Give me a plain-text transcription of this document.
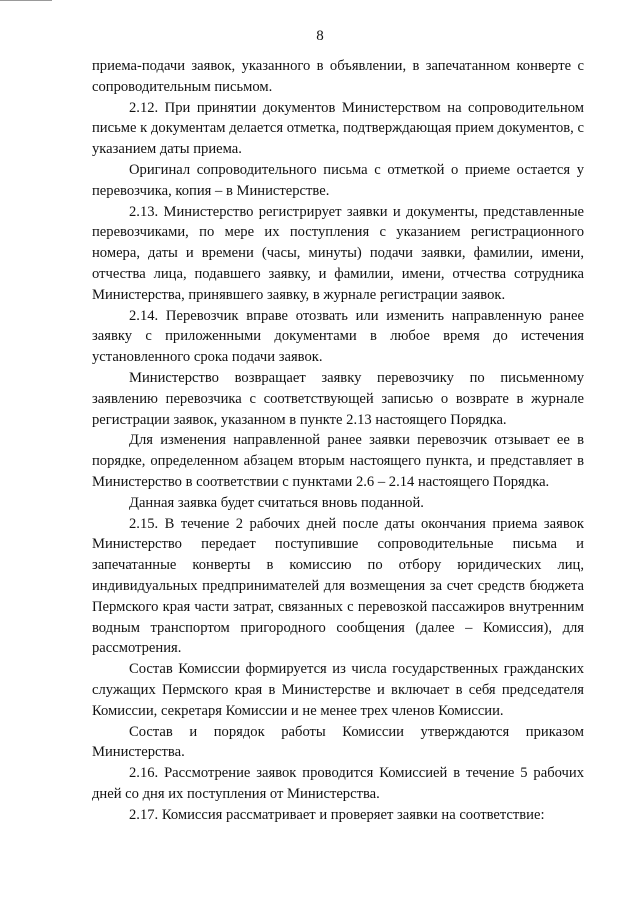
8

приема-подачи заявок, указанного в объявлении, в запечатанном конверте с сопроводительным письмом.

2.12. При принятии документов Министерством на сопроводительном письме к документам делается отметка, подтверждающая прием документов, с указанием даты приема.

Оригинал сопроводительного письма с отметкой о приеме остается у перевозчика, копия – в Министерстве.

2.13. Министерство регистрирует заявки и документы, представленные перевозчиками, по мере их поступления с указанием регистрационного номера, даты и времени (часы, минуты) подачи заявки, фамилии, имени, отчества лица, подавшего заявку, и фамилии, имени, отчества сотрудника Министерства, принявшего заявку, в журнале регистрации заявок.

2.14. Перевозчик вправе отозвать или изменить направленную ранее заявку с приложенными документами в любое время до истечения установленного срока подачи заявок.

Министерство возвращает заявку перевозчику по письменному заявлению перевозчика с соответствующей записью о возврате в журнале регистрации заявок, указанном в пункте 2.13 настоящего Порядка.

Для изменения направленной ранее заявки перевозчик отзывает ее в порядке, определенном абзацем вторым настоящего пункта, и представляет в Министерство в соответствии с пунктами 2.6 – 2.14 настоящего Порядка.

Данная заявка будет считаться вновь поданной.

2.15. В течение 2 рабочих дней после даты окончания приема заявок Министерство передает поступившие сопроводительные письма и запечатанные конверты в комиссию по отбору юридических лиц, индивидуальных предпринимателей для возмещения за счет средств бюджета Пермского края части затрат, связанных с перевозкой пассажиров внутренним водным транспортом пригородного сообщения (далее – Комиссия), для рассмотрения.

Состав Комиссии формируется из числа государственных гражданских служащих Пермского края в Министерстве и включает в себя председателя Комиссии, секретаря Комиссии и не менее трех членов Комиссии.

Состав и порядок работы Комиссии утверждаются приказом Министерства.

2.16. Рассмотрение заявок проводится Комиссией в течение 5 рабочих дней со дня их поступления от Министерства.

2.17. Комиссия рассматривает и проверяет заявки на соответствие:
